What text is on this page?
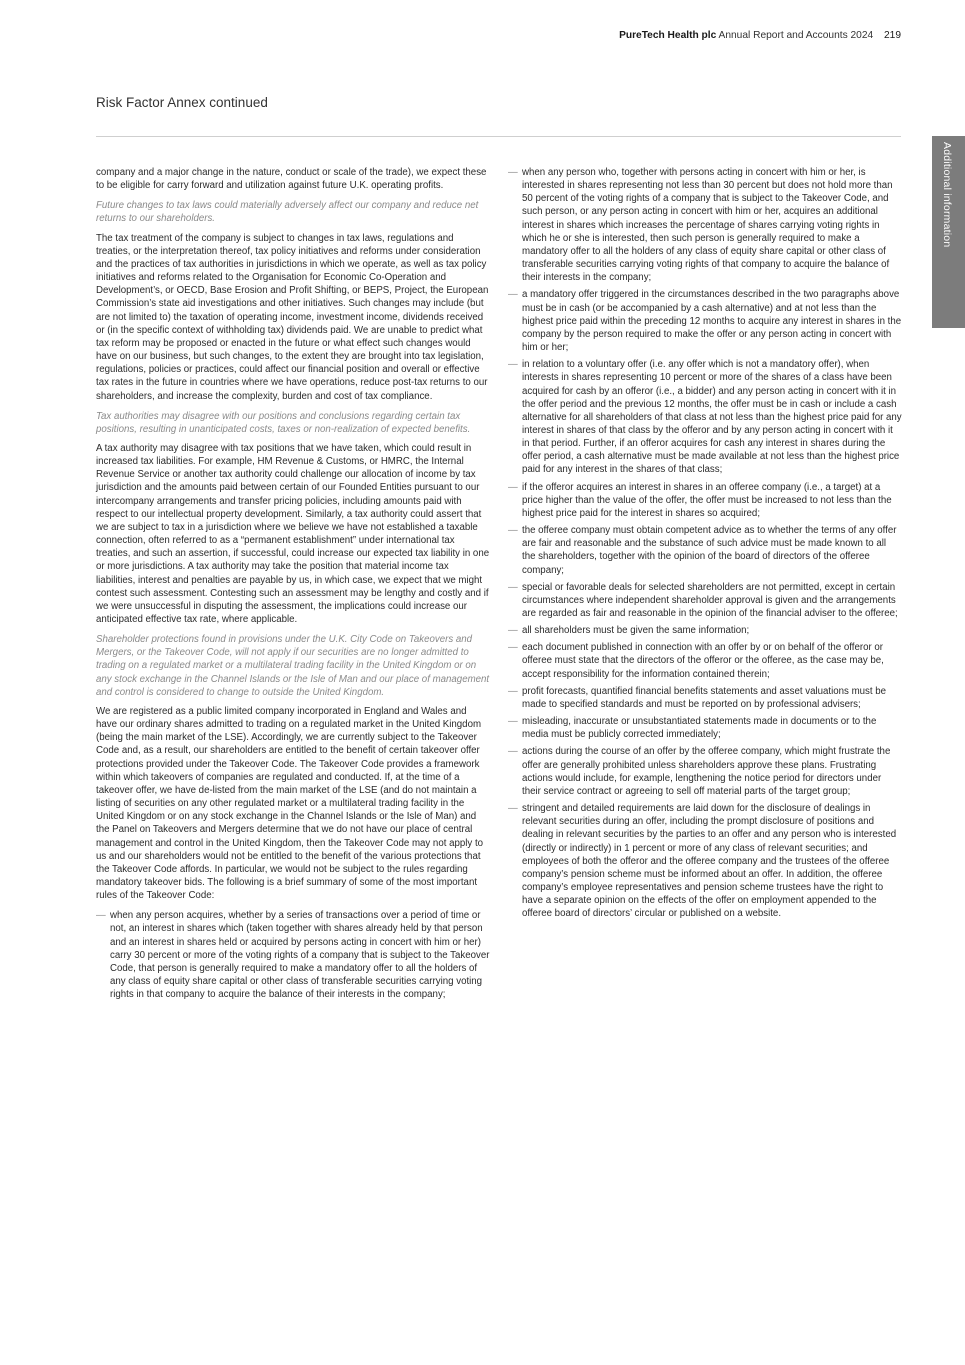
PureTech Health plc Annual Report and Accounts 2024 219
Risk Factor Annex continued
Additional information

company and a major change in the nature, conduct or scale of the trade), we expect these to be eligible for carry forward and utilization against future U.K. operating profits.

Future changes to tax laws could materially adversely affect our company and reduce net returns to our shareholders.

The tax treatment of the company is subject to changes in tax laws, regulations and treaties, or the interpretation thereof, tax policy initiatives and reforms under consideration and the practices of tax authorities in jurisdictions in which we operate, as well as tax policy initiatives and reforms related to the Organisation for Economic Co-Operation and Development’s, or OECD, Base Erosion and Profit Shifting, or BEPS, Project, the European Commission’s state aid investigations and other initiatives. Such changes may include (but are not limited to) the taxation of operating income, investment income, dividends received or (in the specific context of withholding tax) dividends paid. We are unable to predict what tax reform may be proposed or enacted in the future or what effect such changes would have on our business, but such changes, to the extent they are brought into tax legislation, regulations, policies or practices, could affect our financial position and overall or effective tax rates in the future in countries where we have operations, reduce post-tax returns to our shareholders, and increase the complexity, burden and cost of tax compliance.

Tax authorities may disagree with our positions and conclusions regarding certain tax positions, resulting in unanticipated costs, taxes or non-realization of expected benefits.

A tax authority may disagree with tax positions that we have taken, which could result in increased tax liabilities. For example, HM Revenue & Customs, or HMRC, the Internal Revenue Service or another tax authority could challenge our allocation of income by tax jurisdiction and the amounts paid between certain of our Founded Entities pursuant to our intercompany arrangements and transfer pricing policies, including amounts paid with respect to our intellectual property development. Similarly, a tax authority could assert that we are subject to tax in a jurisdiction where we believe we have not established a taxable connection, often referred to as a “permanent establishment” under international tax treaties, and such an assertion, if successful, could increase our expected tax liability in one or more jurisdictions. A tax authority may take the position that material income tax liabilities, interest and penalties are payable by us, in which case, we expect that we might contest such assessment. Contesting such an assessment may be lengthy and costly and if we were unsuccessful in disputing the assessment, the implications could increase our anticipated effective tax rate, where applicable.

Shareholder protections found in provisions under the U.K. City Code on Takeovers and Mergers, or the Takeover Code, will not apply if our securities are no longer admitted to trading on a regulated market or a multilateral trading facility in the United Kingdom or on any stock exchange in the Channel Islands or the Isle of Man and our place of management and control is considered to change to outside the United Kingdom.

We are registered as a public limited company incorporated in England and Wales and have our ordinary shares admitted to trading on a regulated market in the United Kingdom (being the main market of the LSE). Accordingly, we are currently subject to the Takeover Code and, as a result, our shareholders are entitled to the benefit of certain takeover offer protections provided under the Takeover Code. The Takeover Code provides a framework within which takeovers of companies are regulated and conducted. If, at the time of a takeover offer, we have de-listed from the main market of the LSE (and do not maintain a listing of securities on any other regulated market or a multilateral trading facility in the United Kingdom or on any stock exchange in the Channel Islands or the Isle of Man) and the Panel on Takeovers and Mergers determine that we do not have our place of central management and control in the United Kingdom, then the Takeover Code may not apply to us and our shareholders would not be entitled to the benefit of the various protections that the Takeover Code affords. In particular, we would not be subject to the rules regarding mandatory takeover bids. The following is a brief summary of some of the most important rules of the Takeover Code:

— when any person acquires, whether by a series of transactions over a period of time or not, an interest in shares which (taken together with shares already held by that person and an interest in shares held or acquired by persons acting in concert with him or her) carry 30 percent or more of the voting rights of a company that is subject to the Takeover Code, that person is generally required to make a mandatory offer to all the holders of any class of equity share capital or other class of transferable securities carrying voting rights in that company to acquire the balance of their interests in the company;
— when any person who, together with persons acting in concert with him or her, is interested in shares representing not less than 30 percent but does not hold more than 50 percent of the voting rights of a company that is subject to the Takeover Code, and such person, or any person acting in concert with him or her, acquires an additional interest in shares which increases the percentage of shares carrying voting rights in which he or she is interested, then such person is generally required to make a mandatory offer to all the holders of any class of equity share capital or other class of transferable securities carrying voting rights of that company to acquire the balance of their interests in the company;
— a mandatory offer triggered in the circumstances described in the two paragraphs above must be in cash (or be accompanied by a cash alternative) and at not less than the highest price paid within the preceding 12 months to acquire any interest in shares in the company by the person required to make the offer or any person acting in concert with him or her;
— in relation to a voluntary offer (i.e. any offer which is not a mandatory offer), when interests in shares representing 10 percent or more of the shares of a class have been acquired for cash by an offeror (i.e., a bidder) and any person acting in concert with it in the offer period and the previous 12 months, the offer must be in cash or include a cash alternative for all shareholders of that class at not less than the highest price paid for any interest in shares of that class by the offeror and by any person acting in concert with it in that period. Further, if an offeror acquires for cash any interest in shares during the offer period, a cash alternative must be made available at not less than the highest price paid for any interest in the shares of that class;
— if the offeror acquires an interest in shares in an offeree company (i.e., a target) at a price higher than the value of the offer, the offer must be increased to not less than the highest price paid for the interest in shares so acquired;
— the offeree company must obtain competent advice as to whether the terms of any offer are fair and reasonable and the substance of such advice must be made known to all the shareholders, together with the opinion of the board of directors of the offeree company;
— special or favorable deals for selected shareholders are not permitted, except in certain circumstances where independent shareholder approval is given and the arrangements are regarded as fair and reasonable in the opinion of the financial adviser to the offeree;
— all shareholders must be given the same information;
— each document published in connection with an offer by or on behalf of the offeror or offeree must state that the directors of the offeror or the offeree, as the case may be, accept responsibility for the information contained therein;
— profit forecasts, quantified financial benefits statements and asset valuations must be made to specified standards and must be reported on by professional advisers;
— misleading, inaccurate or unsubstantiated statements made in documents or to the media must be publicly corrected immediately;
— actions during the course of an offer by the offeree company, which might frustrate the offer are generally prohibited unless shareholders approve these plans. Frustrating actions would include, for example, lengthening the notice period for directors under their service contract or agreeing to sell off material parts of the target group;
— stringent and detailed requirements are laid down for the disclosure of dealings in relevant securities during an offer, including the prompt disclosure of positions and dealing in relevant securities by the parties to an offer and any person who is interested (directly or indirectly) in 1 percent or more of any class of relevant securities; and employees of both the offeror and the offeree company and the trustees of the offeree company’s pension scheme must be informed about an offer. In addition, the offeree company’s employee representatives and pension scheme trustees have the right to have a separate opinion on the effects of the offer on employment appended to the offeree board of directors’ circular or published on a website.
